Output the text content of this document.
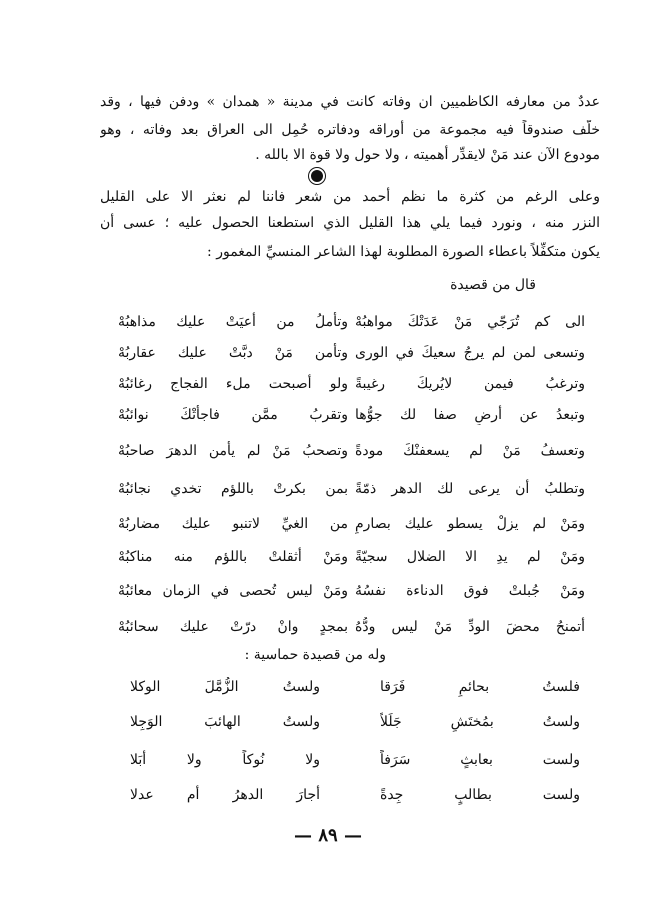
عددٌ من معارفه الكاظميين ان وفاته كانت في مدينة « همدان » ودفن فيها ، وقد
خلّف صندوقاً فيه مجموعة من أوراقه ودفاتره حُمِل الى العراق بعد وفاته ، وهو
مودوع الآن عند مَنْ لايقدِّر أهميته ، ولا حول ولا قوة الا بالله .
وعلى الرغم من كثرة ما نظم أحمد من شعر فاننا لم نعثر الا على القليل
النزر منه ، ونورد فيما يلي هذا القليل الذي استطعنا الحصول عليه ؛ عسى أن
يكون متكفِّلاً باعطاء الصورة المطلوبة لهذا الشاعر المنسيِّ المغمور :
قال من قصيدة
الى كم تُرَجّي مَنْ عَدَتْكَ مواهبُهْ
وتأملُ من أعيَتْ عليك مذاهبُهْ
وتسعى لمن لم يرجُ سعيكَ في الورى
وتأمن مَنْ دبَّتْ عليك عقاربُهْ
وترغبُ فيمن لايُريكَ رغيبةً
ولو أصبحت ملء الفجاج رغائبُهْ
وتبعدُ عن أرضٍ صفا لك جوُّها
وتقربُ ممَّن فاجأتْكَ نوائبُهْ
وتعسفُ مَنْ لم يسعفنْكَ مودةً
وتصحبُ مَنْ لم يأمن الدهرَ صاحبُهْ
وتطلبُ أن يرعى لك الدهر ذمّةً
بمن بكرتْ باللؤم تخدي نجائبُهْ
ومَنْ لم يزلْ يسطو عليك بصارمٍ
من الغيِّ لاتنبو عليك مضاربُهْ
ومَنْ لم يدِ الا الضلال سجيّةً
ومَنْ أثقلتْ باللؤم منه مناكبُهْ
ومَنْ جُبلتْ فوق الدناءة نفسُهُ
ومَنْ ليس تُحصى في الزمان معائبُهْ
أتمنحُ محضَ الودِّ مَنْ ليس ودُّهُ
بمجدٍ وانْ درّتْ عليك سحائبُهْ
وله من قصيدة حماسية :
فلستُ بحائمٍ فَرَقا
ولستُ الزُّمَّلَ الوكلا
ولستُ بمُختَشٍ جَلَلاً
ولستُ الهائبَ الوَجِلا
ولست بعابثٍ سَرَفاً
ولا نُوكاً ولا أَبَلا
ولست بطالبٍ جِدةً
أجارَ الدهرُ أم عدلا
— ٨٩ —
